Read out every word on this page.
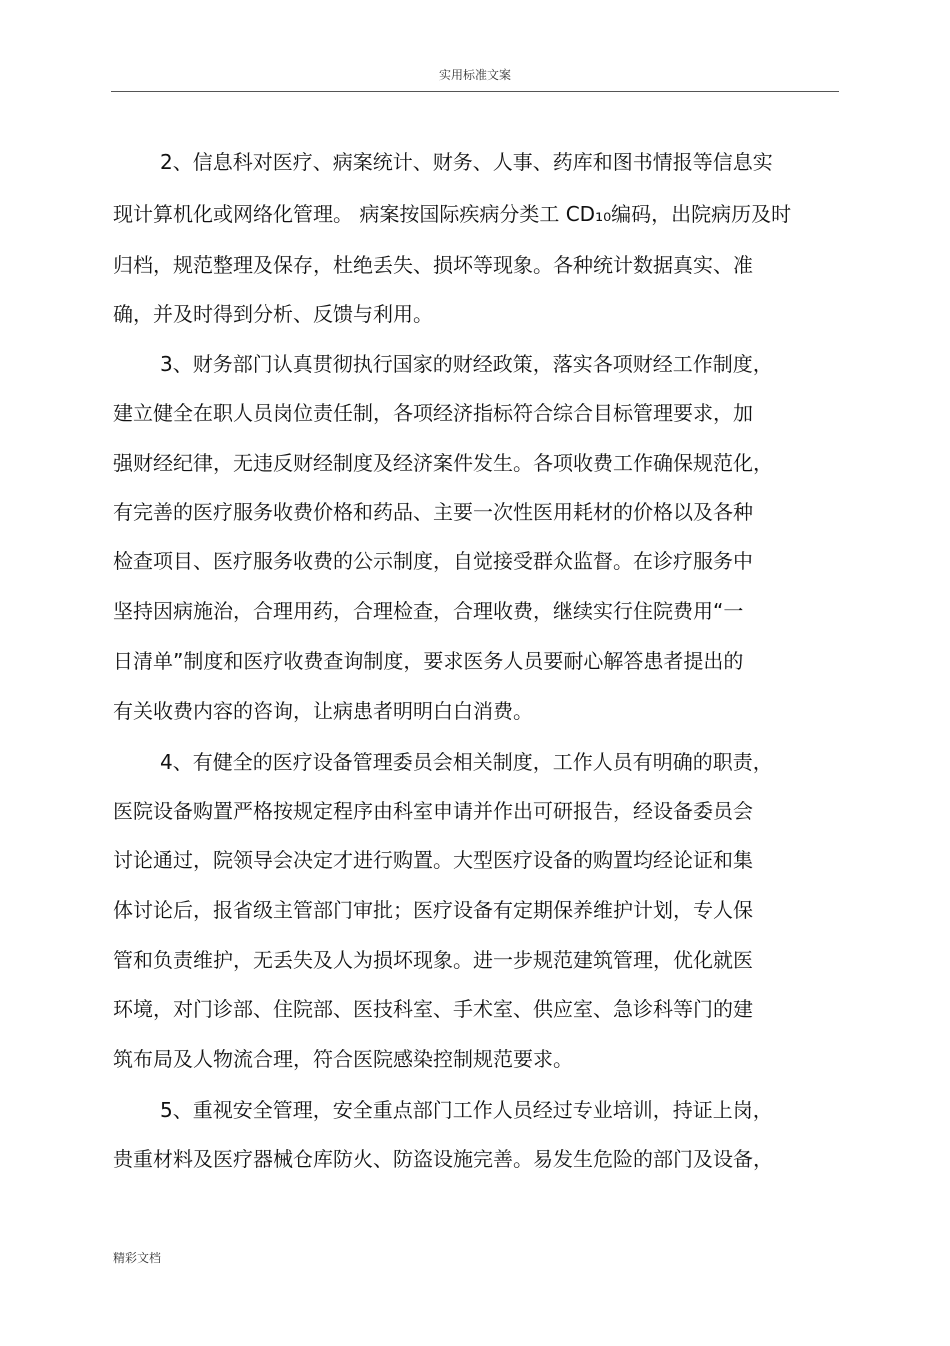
实用标准文案
2、信息科对医疗、病案统计、财务、人事、药库和图书情报等信息实
现计算机化或网络化管理。 病案按国际疾病分类工 CD​₁₀编码，出院病历及时
归档，规范整理及保存，杜绝丢失、损坏等现象。各种统计数据真实、准
确，并及时得到分析、反馈与利用。
3、财务部门认真贯彻执行国家的财经政策，落实各项财经工作制度，
建立健全在职人员岗位责任制，各项经济指标符合综合目标管理要求，加
强财经纪律，无违反财经制度及经济案件发生。各项收费工作确保规范化，
有完善的医疗服务收费价格和药品、主要一次性医用耗材的价格以及各种
检查项目、医疗服务收费的公示制度，自觉接受群众监督。在诊疗服务中
坚持因病施治，合理用药，合理检查，合理收费，继续实行住院费用“一
日清单”制度和医疗收费查询制度，要求医务人员要耐心解答患者提出的
有关收费内容的咨询，让病患者明明白白消费。
4、有健全的医疗设备管理委员会相关制度，工作人员有明确的职责，
医院设备购置严格按规定程序由科室申请并作出可研报告，经设备委员会
讨论通过，院领导会决定才进行购置。大型医疗设备的购置均经论证和集
体讨论后，报省级主管部门审批；医疗设备有定期保养维护计划，专人保
管和负责维护，无丢失及人为损坏现象。进一步规范建筑管理，优化就医
环境，对门诊部、住院部、医技科室、手术室、供应室、急诊科等门的建
筑布局及人物流合理，符合医院感染控制规范要求。
5、重视安全管理，安全重点部门工作人员经过专业培训，持证上岗，
贵重材料及医疗器械仓库防火、防盗设施完善。易发生危险的部门及设备，
精彩文档
